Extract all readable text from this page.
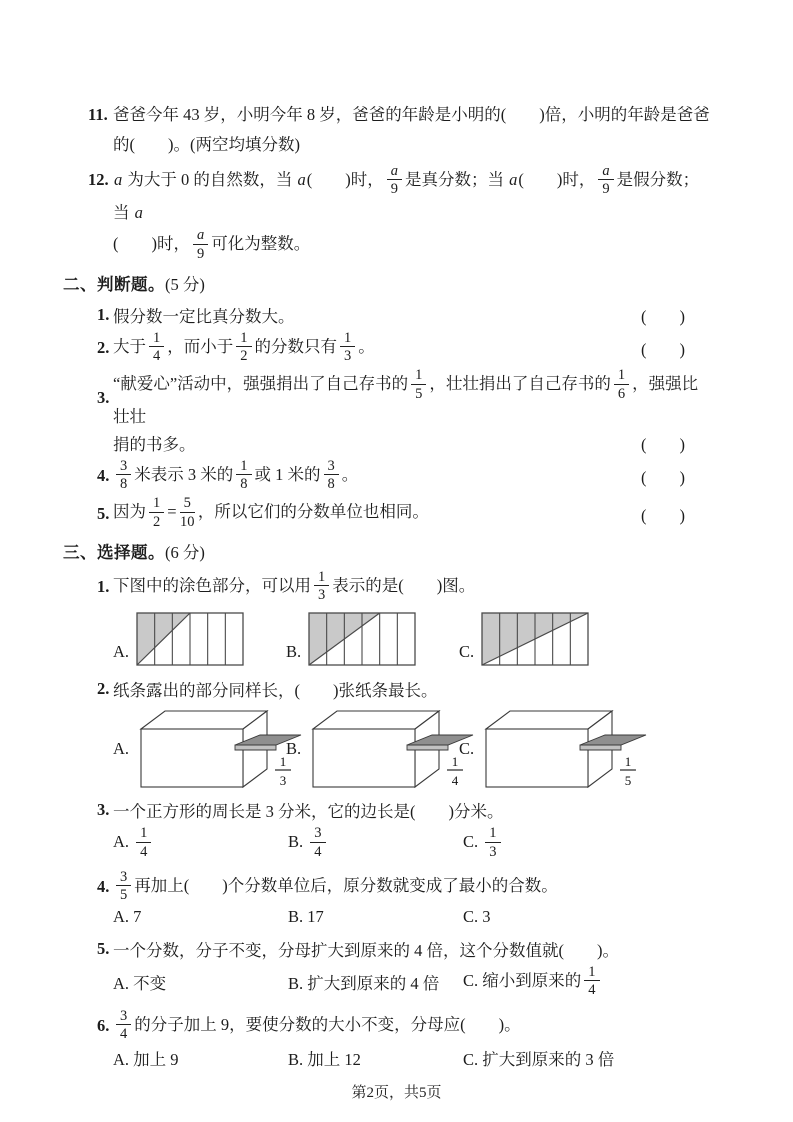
11. 爸爸今年 43 岁，小明今年 8 岁，爸爸的年龄是小明的(　　)倍，小明的年龄是爸爸
的(　　)。(两空均填分数)
12. a 为大于 0 的自然数，当 a(　　)时， $\frac{a}{9}$ 是真分数；当 a(　　)时， $\frac{a}{9}$ 是假分数；当 a
(　　)时， $\frac{a}{9}$ 可化为整数。
二、判断题。(5 分)
1. 假分数一定比真分数大。	(　　)
2. 大于 $\frac{1}{4}$ ，而小于 $\frac{1}{2}$ 的分数只有 $\frac{1}{3}$ 。	(　　)
3.
“献爱心”活动中，强强捐出了自己存书的 $\frac{1}{5}$ ，壮壮捐出了自己存书的 $\frac{1}{6}$ ，强强比壮壮
捐的书多。	(　　)
4. $\frac{3}{8}$ 米表示 3 米的 $\frac{1}{8}$ 或 1 米的 $\frac{3}{8}$ 。	(　　)
5. 因为 $\frac{1}{2} = \frac{5}{10}$ ，所以它们的分数单位也相同。	(　　)
三、选择题。(6 分)
1. 下图中的涂色部分，可以用 $\frac{1}{3}$ 表示的是(　　)图。
A.	B.	C.
2. 纸条露出的部分同样长，(　　)张纸条最长。
A.
1
3
B.
1
4
C.
1
5
3. 一个正方形的周长是 3 分米，它的边长是(　　)分米。
A. $\frac{1}{4}$	B. $\frac{3}{4}$	C. $\frac{1}{3}$
4. $\frac{3}{5}$ 再加上(　　)个分数单位后，原分数就变成了最小的合数。
A. 7	B. 17	C. 3
5. 一个分数，分子不变，分母扩大到原来的 4 倍，这个分数值就(　　)。
A. 不变	B. 扩大到原来的 4 倍	C. 缩小到原来的 $\frac{1}{4}$
6. $\frac{3}{4}$ 的分子加上 9，要使分数的大小不变，分母应(　　)。
A. 加上 9	B. 加上 12	C. 扩大到原来的 3 倍
第2页，共5页
